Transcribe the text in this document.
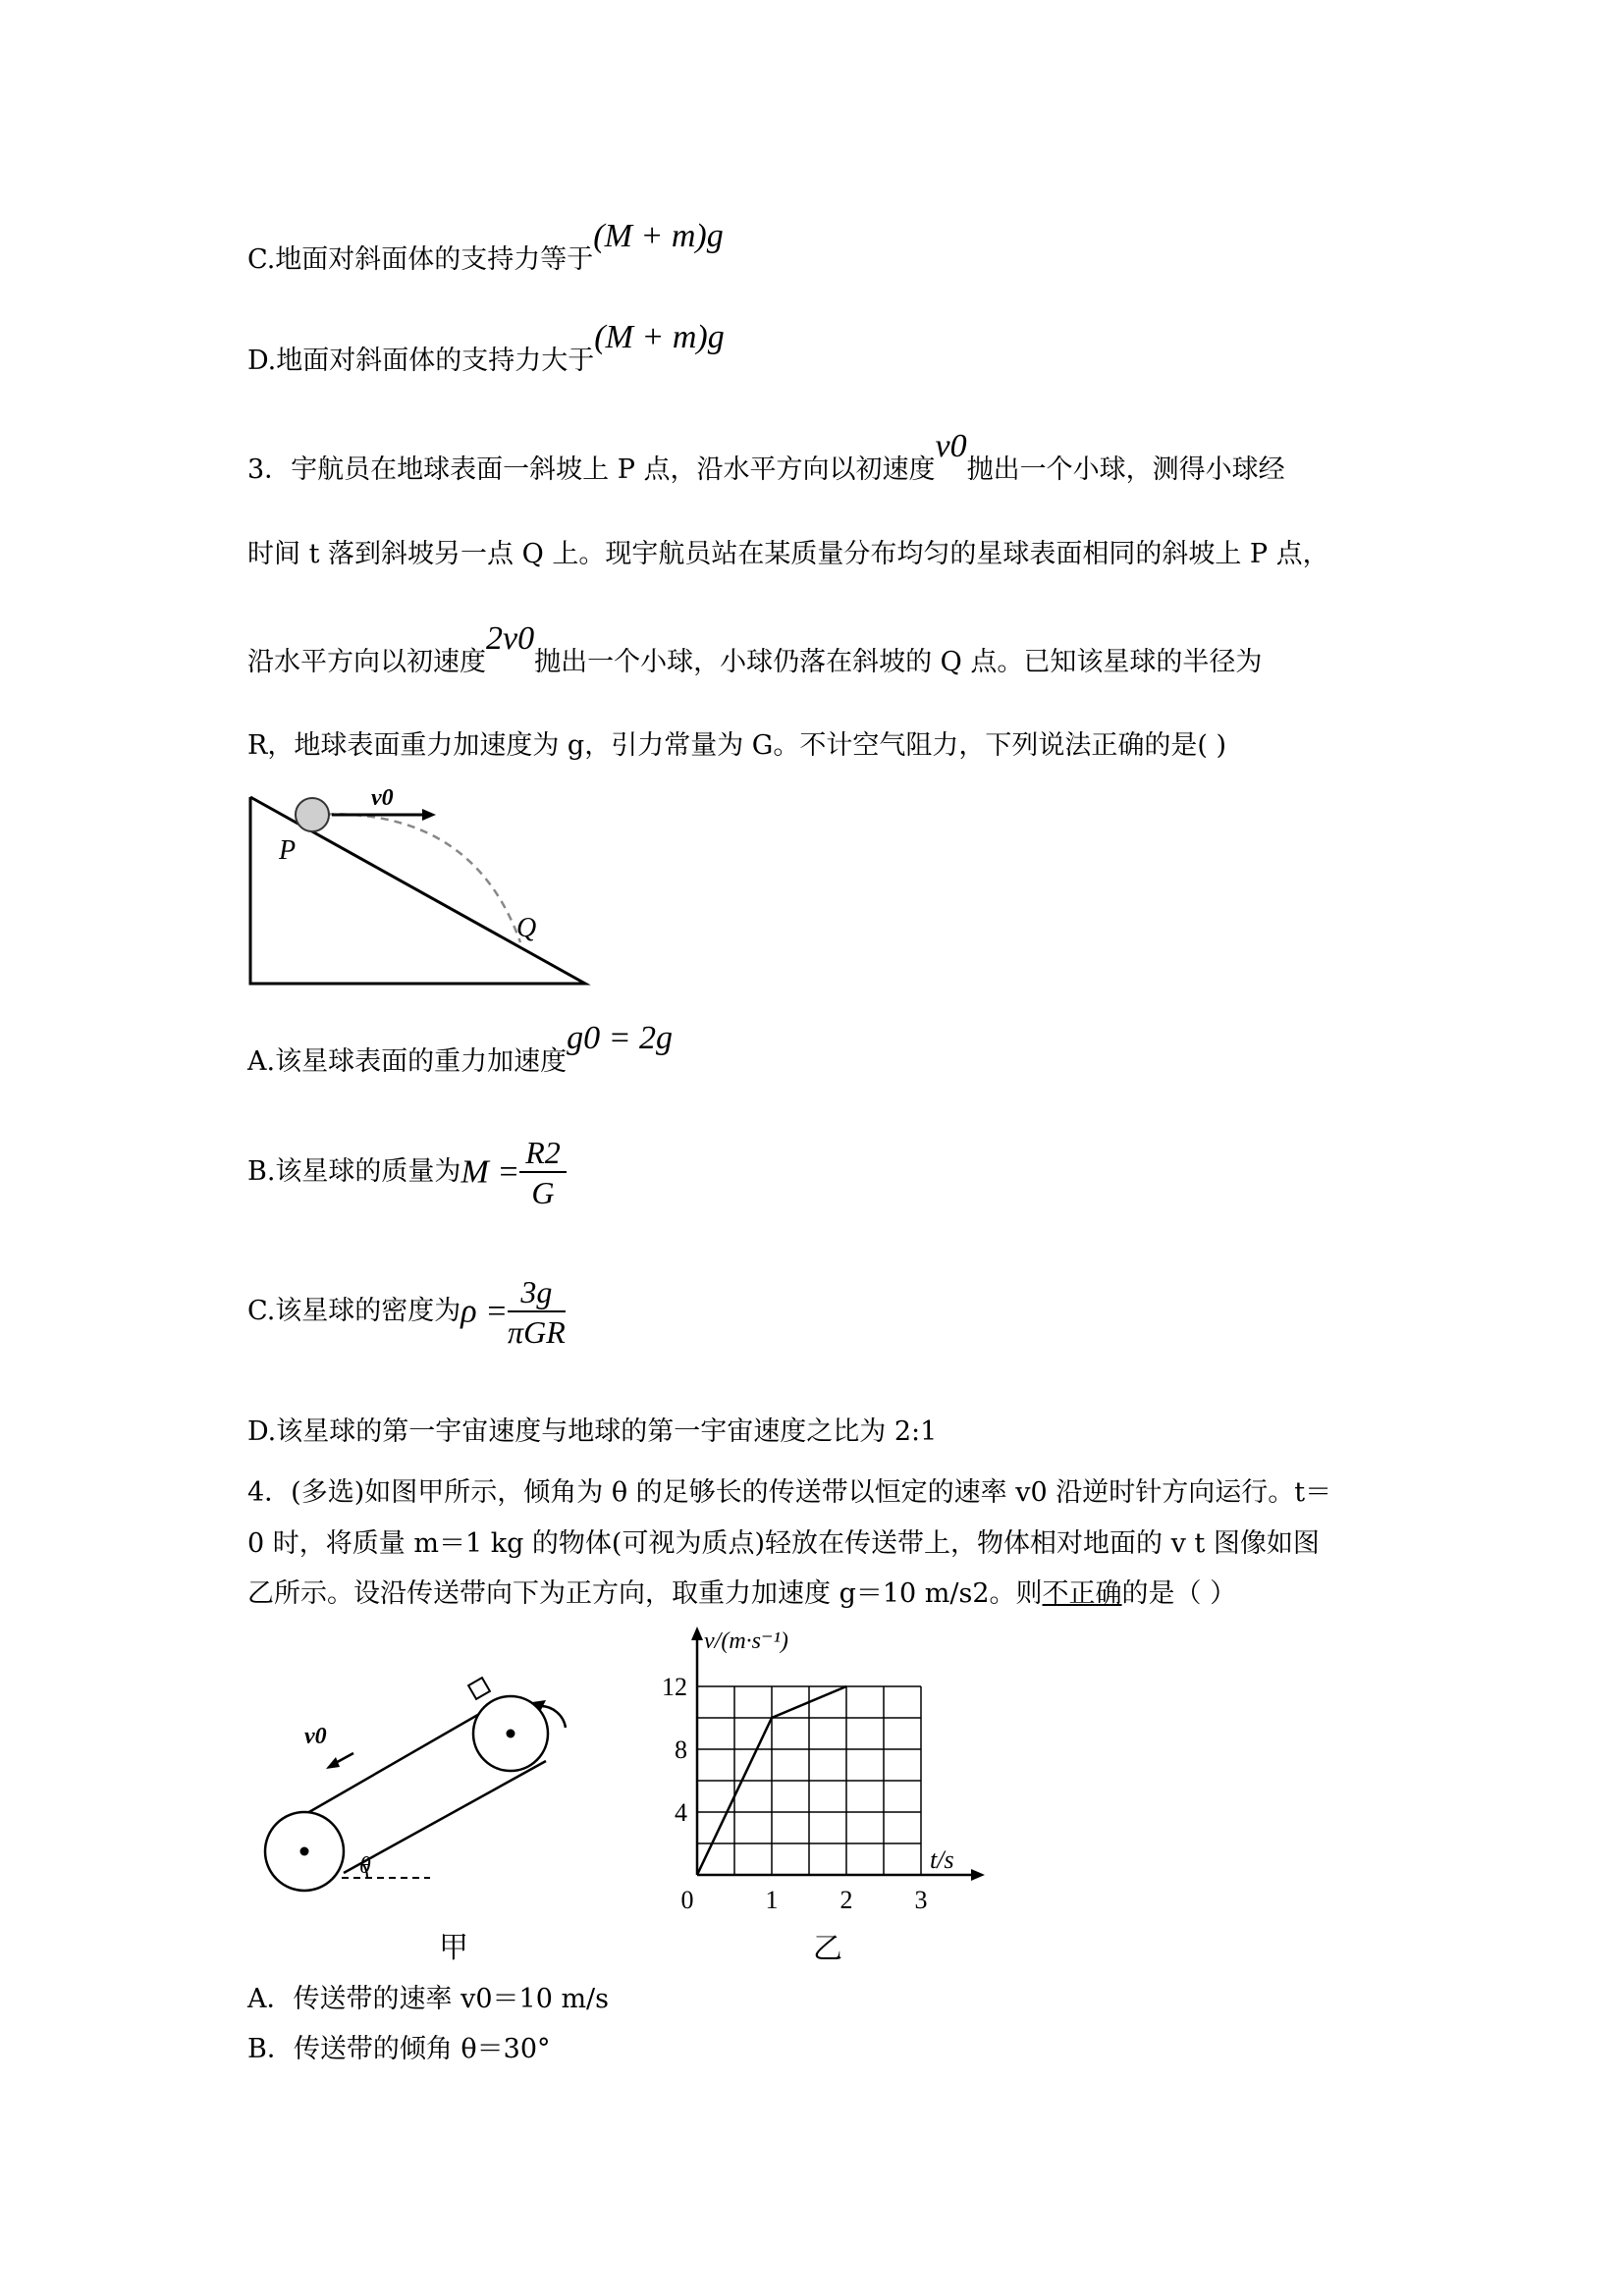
C.地面对斜面体的支持力等于(M + m)g
D.地面对斜面体的支持力大于(M + m)g
3．宇航员在地球表面一斜坡上 P 点，沿水平方向以初速度v0抛出一个小球，测得小球经
时间 t 落到斜坡另一点 Q 上。现宇航员站在某质量分布均匀的星球表面相同的斜坡上 P 点，
沿水平方向以初速度2v0抛出一个小球，小球仍落在斜坡的 Q 点。已知该星球的半径为
R，地球表面重力加速度为 g，引力常量为 G。不计空气阻力，下列说法正确的是( )
v0
P
Q
A.该星球表面的重力加速度g0 = 2g
B.该星球的质量为$M = \frac{R2}{G}$
C.该星球的密度为$\rho = \frac{3g}{\text{πGR}}$
D.该星球的第一宇宙速度与地球的第一宇宙速度之比为 2:1
4．(多选)如图甲所示，倾角为 θ 的足够长的传送带以恒定的速率 v0 沿逆时针方向运行。t＝
0 时，将质量 m＝1 kg 的物体(可视为质点)轻放在传送带上，物体相对地面的 v t 图像如图
乙所示。设沿传送带向下为正方向，取重力加速度 g＝10 m/s2。则不正确的是（ ）
v0
θ
甲
v/(m·s⁻¹)
t/s
12
8
4
0	1 2 3
乙
A．传送带的速率 v0＝10 m/s
B．传送带的倾角 θ＝30°
